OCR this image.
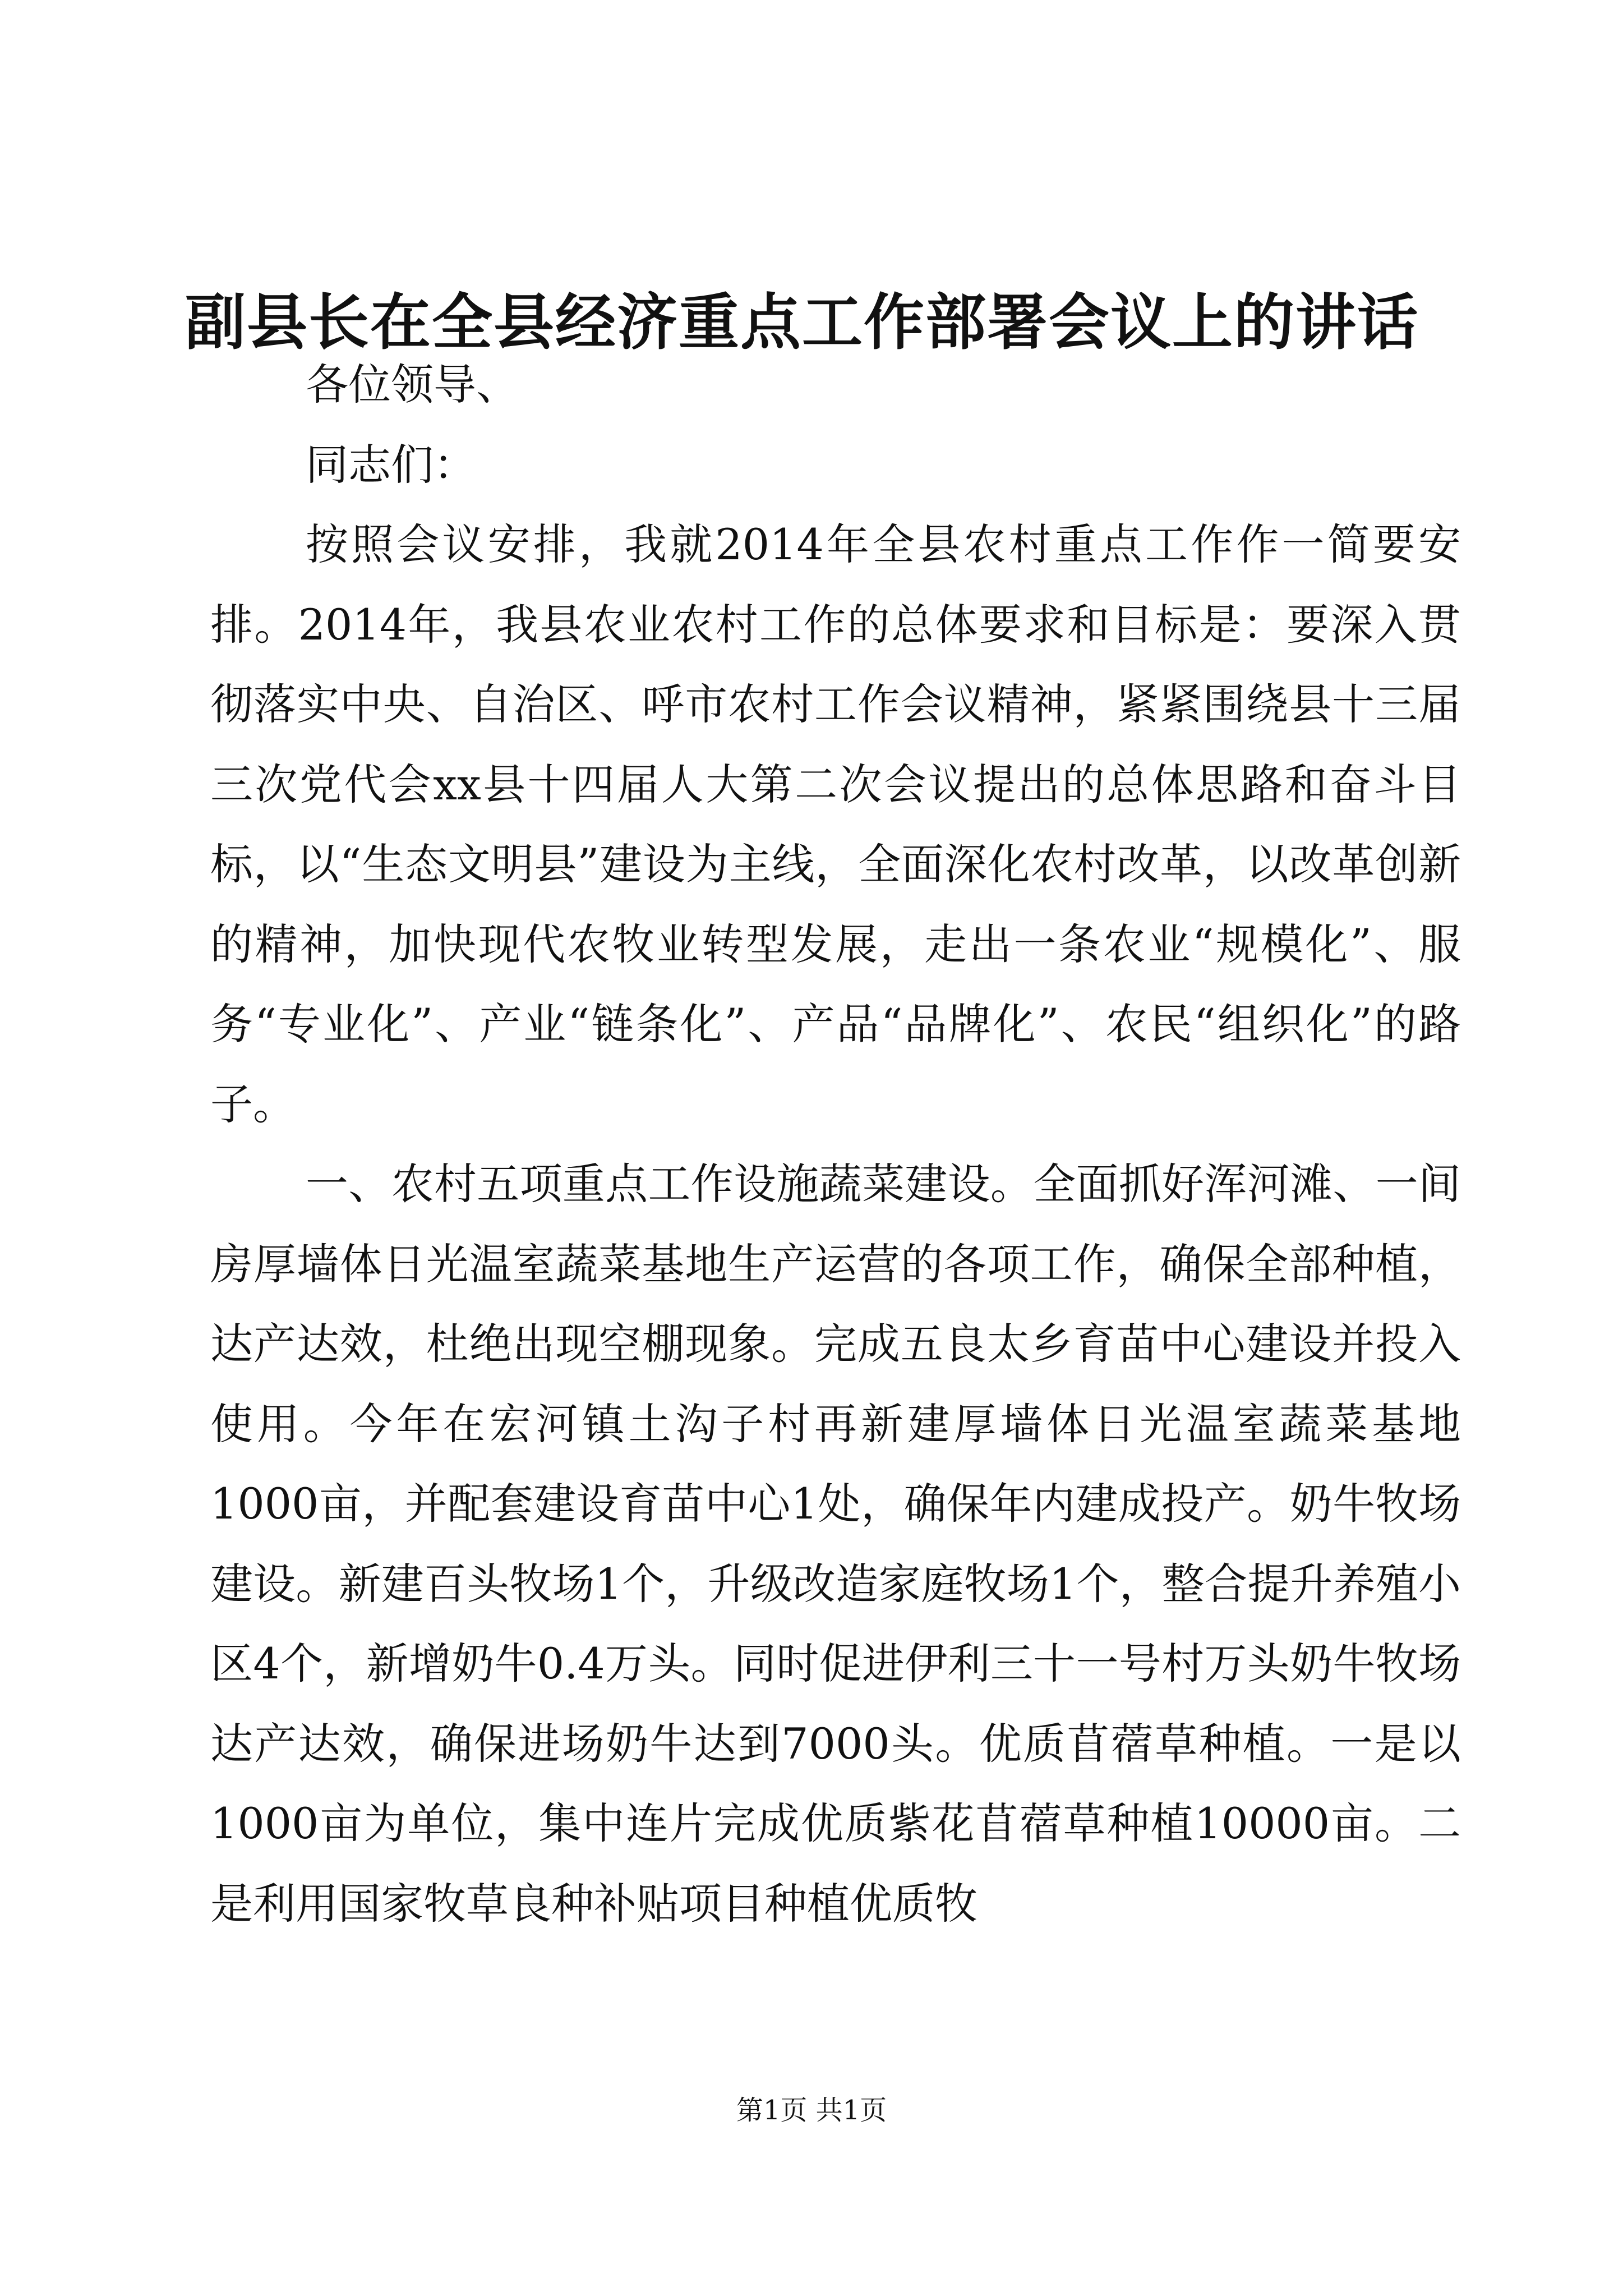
副县长在全县经济重点工作部署会议上的讲话

各位领导、

同志们：

按照会议安排，我就2014年全县农村重点工作作一简要安排。2014年，我县农业农村工作的总体要求和目标是：要深入贯彻落实中央、自治区、呼市农村工作会议精神，紧紧围绕县十三届三次党代会xx县十四届人大第二次会议提出的总体思路和奋斗目标，以“生态文明县”建设为主线，全面深化农村改革，以改革创新的精神，加快现代农牧业转型发展，走出一条农业“规模化”、服务“专业化”、产业“链条化”、产品“品牌化”、农民“组织化”的路子。

一、农村五项重点工作设施蔬菜建设。全面抓好浑河滩、一间房厚墙体日光温室蔬菜基地生产运营的各项工作，确保全部种植，达产达效，杜绝出现空棚现象。完成五良太乡育苗中心建设并投入使用。今年在宏河镇土沟子村再新建厚墙体日光温室蔬菜基地1000亩，并配套建设育苗中心1处，确保年内建成投产。奶牛牧场建设。新建百头牧场1个，升级改造家庭牧场1个，整合提升养殖小区4个，新增奶牛0.4万头。同时促进伊利三十一号村万头奶牛牧场达产达效，确保进场奶牛达到7000头。优质苜蓿草种植。一是以1000亩为单位，集中连片完成优质紫花苜蓿草种植10000亩。二是利用国家牧草良种补贴项目种植优质牧

第1页 共1页
